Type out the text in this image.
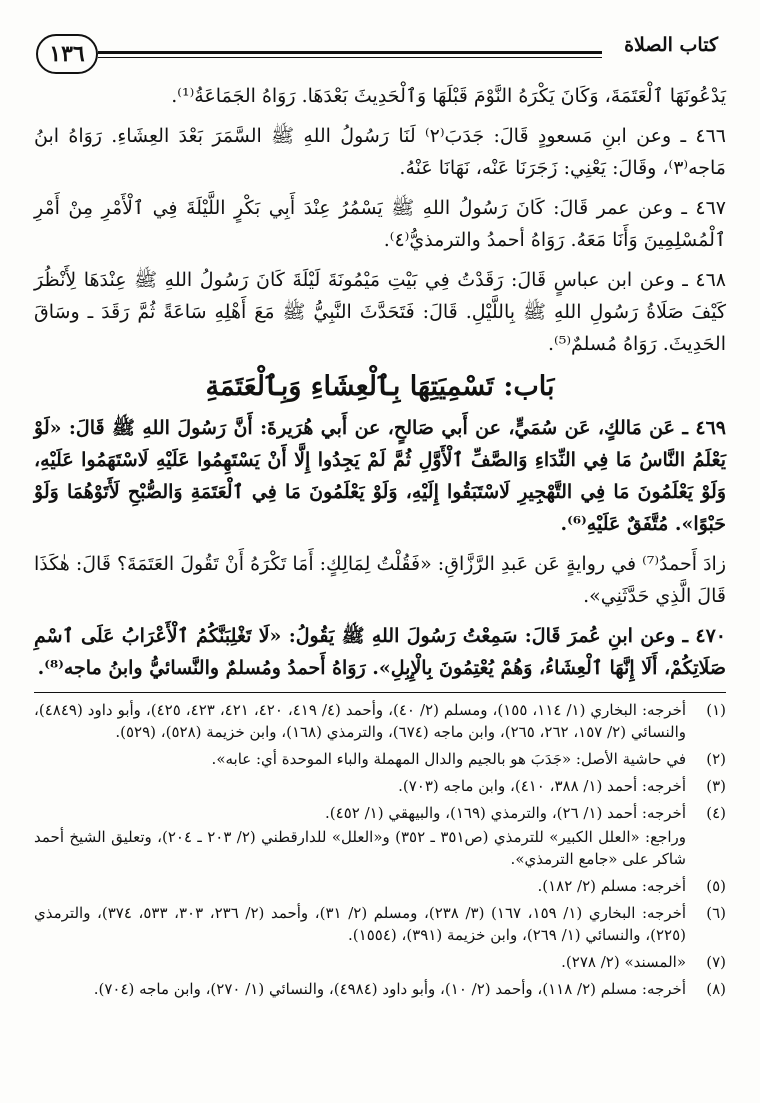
كتاب الصلاة
١٣٦

يَدْعُونَهَا ٱلْعَتَمَةَ، وَكَانَ يَكْرَهُ النَّوْمَ قَبْلَهَا وَٱلْحَدِيثَ بَعْدَهَا. رَوَاهُ الجَمَاعَةُ⁽¹⁾.

٤٦٦ ـ وعن ابنِ مَسعودٍ قَالَ: جَدَبَ⁽٢⁾ لَنَا رَسُولُ اللهِ ﷺ السَّمَرَ بَعْدَ العِشَاءِ. رَوَاهُ ابنُ مَاجه⁽٣⁾، وقَالَ: يَعْنِي: زَجَرَنَا عَنْه، نَهَانَا عَنْهُ.

٤٦٧ ـ وعن عمر قَالَ: كَانَ رَسُولُ اللهِ ﷺ يَسْمُرُ عِنْدَ أَبِي بَكْرٍ اللَّيْلَةَ فِي ٱلْأَمْرِ مِنْ أَمْرِ ٱلْمُسْلِمِينَ وَأَنَا مَعَهُ. رَوَاهُ أحمدُ والترمذيُّ⁽٤⁾.

٤٦٨ ـ وعن ابن عباسٍ قَالَ: رَقَدْتُ فِي بَيْتِ مَيْمُونَةَ لَيْلَةَ كَانَ رَسُولُ اللهِ ﷺ عِنْدَهَا لِأَنْظُرَ كَيْفَ صَلَاةُ رَسُولِ اللهِ ﷺ بِاللَّيْلِ. قَالَ: فَتَحَدَّثَ النَّبِيُّ ﷺ مَعَ أَهْلِهِ سَاعَةً ثُمَّ رَقَدَ ـ وسَاقَ الحَدِيثَ. رَوَاهُ مُسلمٌ⁽⁵⁾.

بَاب: تَسْمِيَتِهَا بِٱلْعِشَاءِ وَبِٱلْعَتَمَةِ

٤٦٩ ـ عَن مَالكٍ، عَن سُمَيٍّ، عن أَبي صَالحٍ، عن أَبي هُرَيرةَ: أَنَّ رَسُولَ اللهِ ﷺ قَالَ: «لَوْ يَعْلَمُ النَّاسُ مَا فِي النِّدَاءِ وَالصَّفِّ ٱلْأَوَّلِ ثُمَّ لَمْ يَجِدُوا إِلَّا أَنْ يَسْتَهِمُوا عَلَيْهِ لَاسْتَهَمُوا عَلَيْهِ، وَلَوْ يَعْلَمُونَ مَا فِي التَّهْجِيرِ لَاسْتَبَقُوا إِلَيْهِ، وَلَوْ يَعْلَمُونَ مَا فِي ٱلْعَتَمَةِ وَالصُّبْحِ لَأَتَوْهُمَا وَلَوْ حَبْوًا». مُتَّفَقٌ عَلَيْهِ⁽⁶⁾.

زادَ أَحمدُ⁽⁷⁾ في روايةٍ عَن عَبدِ الرَّزَّاقِ: «فَقُلْتُ لِمَالِكٍ: أَمَا تَكْرَهُ أَنْ تَقُولَ العَتَمَةَ؟ قَالَ: هٰكَذَا قَالَ الَّذِي حَدَّثَنِي».

٤٧٠ ـ وعن ابنِ عُمرَ قَالَ: سَمِعْتُ رَسُولَ اللهِ ﷺ يَقُولُ: «لَا تَغْلِبَنَّكُمُ ٱلْأَعْرَابُ عَلَى ٱسْمِ صَلَاتِكُمْ، أَلَا إِنَّهَا ٱلْعِشَاءُ، وَهُمْ يُعْتِمُونَ بِالْإِبِلِ». رَوَاهُ أَحمدُ ومُسلمٌ والنَّسائيُّ وابنُ ماجه⁽⁸⁾.

(١)
أخرجه: البخاري (١/ ١١٤، ١٥٥)، ومسلم (٢/ ٤٠)، وأحمد (٤/ ٤١٩، ٤٢٠، ٤٢١، ٤٢٣، ٤٢٥)، وأبو داود (٤٨٤٩)، والنسائي (٢/ ١٥٧، ٢٦٢، ٢٦٥)، وابن ماجه (٦٧٤)، والترمذي (١٦٨)، وابن خزيمة (٥٢٨)، (٥٢٩).
(٢)
في حاشية الأصل: «جَدَبَ هو بالجيم والدال المهملة والباء الموحدة أي: عابه».
(٣)
أخرجه: أحمد (١/ ٣٨٨، ٤١٠)، وابن ماجه (٧٠٣).
(٤)
أخرجه: أحمد (١/ ٢٦)، والترمذي (١٦٩)، والبيهقي (١/ ٤٥٢).
وراجع: «العلل الكبير» للترمذي (ص٣٥١ ـ ٣٥٢) و«العلل» للدارقطني (٢/ ٢٠٣ ـ ٢٠٤)، وتعليق الشيخ أحمد شاكر على «جامع الترمذي».
(٥)
أخرجه: مسلم (٢/ ١٨٢).
(٦)
أخرجه: البخاري (١/ ١٥٩، ١٦٧) (٣/ ٢٣٨)، ومسلم (٢/ ٣١)، وأحمد (٢/ ٢٣٦، ٣٠٣، ٥٣٣، ٣٧٤)، والترمذي (٢٢٥)، والنسائي (١/ ٢٦٩)، وابن خزيمة (٣٩١)، (١٥٥٤).
(٧)
«المسند» (٢/ ٢٧٨).
(٨)
أخرجه: مسلم (٢/ ١١٨)، وأحمد (٢/ ١٠)، وأبو داود (٤٩٨٤)، والنسائي (١/ ٢٧٠)، وابن ماجه (٧٠٤).
